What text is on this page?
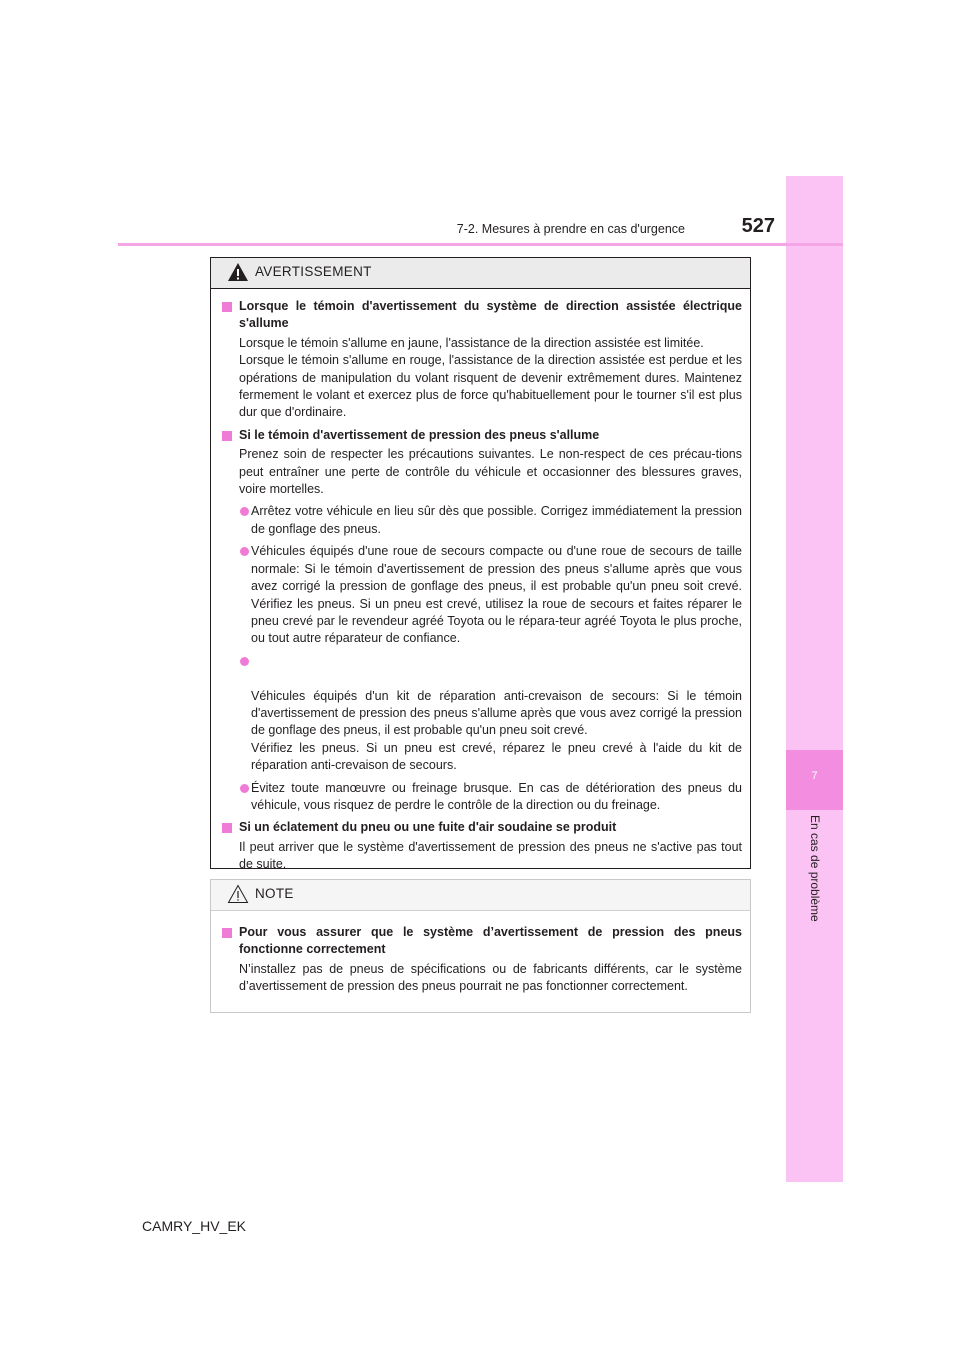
7
En cas de problème
7-2. Mesures à prendre en cas d'urgence	527
AVERTISSEMENT
Lorsque le témoin d'avertissement du système de direction assistée électrique s'allume
Lorsque le témoin s'allume en jaune, l'assistance de la direction assistée est limitée.
Lorsque le témoin s'allume en rouge, l'assistance de la direction assistée est perdue et les opérations de manipulation du volant risquent de devenir extrêmement dures. Maintenez fermement le volant et exercez plus de force qu'habituellement pour le tourner s'il est plus dur que d'ordinaire.
Si le témoin d'avertissement de pression des pneus s'allume
Prenez soin de respecter les précautions suivantes. Le non-respect de ces précau-tions peut entraîner une perte de contrôle du véhicule et occasionner des blessures graves, voire mortelles.
Arrêtez votre véhicule en lieu sûr dès que possible. Corrigez immédiatement la pression de gonflage des pneus.
Véhicules équipés d'une roue de secours compacte ou d'une roue de secours de taille normale: Si le témoin d'avertissement de pression des pneus s'allume après que vous avez corrigé la pression de gonflage des pneus, il est probable qu'un pneu soit crevé. Vérifiez les pneus. Si un pneu est crevé, utilisez la roue de secours et faites réparer le pneu crevé par le revendeur agréé Toyota ou le répara-teur agréé Toyota le plus proche, ou tout autre réparateur de confiance.

Véhicules équipés d'un kit de réparation anti-crevaison de secours: Si le témoin d'avertissement de pression des pneus s'allume après que vous avez corrigé la pression de gonflage des pneus, il est probable qu'un pneu soit crevé.
Vérifiez les pneus. Si un pneu est crevé, réparez le pneu crevé à l'aide du kit de réparation anti-crevaison de secours.

Évitez toute manœuvre ou freinage brusque. En cas de détérioration des pneus du véhicule, vous risquez de perdre le contrôle de la direction ou du freinage.
Si un éclatement du pneu ou une fuite d'air soudaine se produit
Il peut arriver que le système d'avertissement de pression des pneus ne s'active pas tout de suite.
NOTE
Pour vous assurer que le système d’avertissement de pression des pneus fonctionne correctement
N’installez pas de pneus de spécifications ou de fabricants différents, car le système d’avertissement de pression des pneus pourrait ne pas fonctionner correctement.
CAMRY_HV_EK
